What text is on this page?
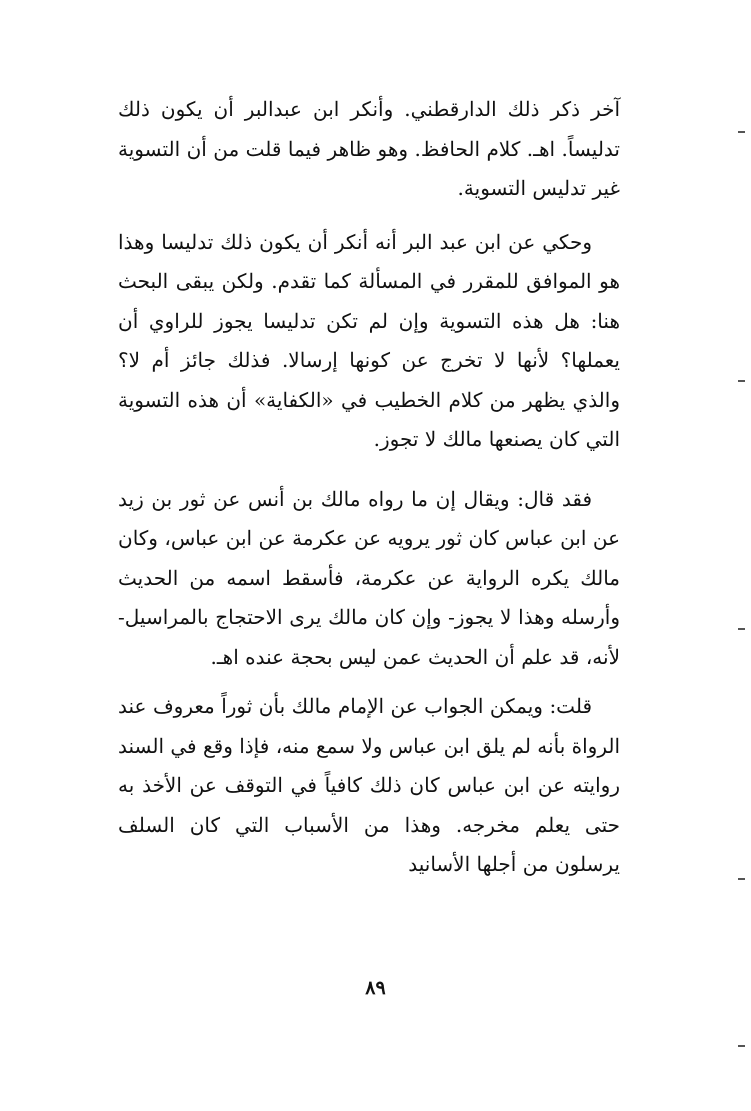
آخر ذكر ذلك الدارقطني. وأنكر ابن عبدالبر أن يكون ذلك تدليساً. اهـ. كلام الحافظ. وهو ظاهر فيما قلت من أن التسوية غير تدليس التسوية.

وحكي عن ابن عبد البر أنه أنكر أن يكون ذلك تدليسا وهذا هو الموافق للمقرر في المسألة كما تقدم. ولكن يبقى البحث هنا: هل هذه التسوية وإن لم تكن تدليسا يجوز للراوي أن يعملها؟ لأنها لا تخرج عن كونها إرسالا. فذلك جائز أم لا؟ والذي يظهر من كلام الخطيب في «الكفاية» أن هذه التسوية التي كان يصنعها مالك لا تجوز.

فقد قال: ويقال إن ما رواه مالك بن أنس عن ثور بن زيد عن ابن عباس كان ثور يرويه عن عكرمة عن ابن عباس، وكان مالك يكره الرواية عن عكرمة، فأسقط اسمه من الحديث وأرسله وهذا لا يجوز- وإن كان مالك يرى الاحتجاج بالمراسيل-لأنه، قد علم أن الحديث عمن ليس بحجة عنده اهـ.

قلت: ويمكن الجواب عن الإمام مالك بأن ثوراً معروف عند الرواة بأنه لم يلق ابن عباس ولا سمع منه، فإذا وقع في السند روايته عن ابن عباس كان ذلك كافياً في التوقف عن الأخذ به حتى يعلم مخرجه. وهذا من الأسباب التي كان السلف يرسلون من أجلها الأسانيد

٨٩
